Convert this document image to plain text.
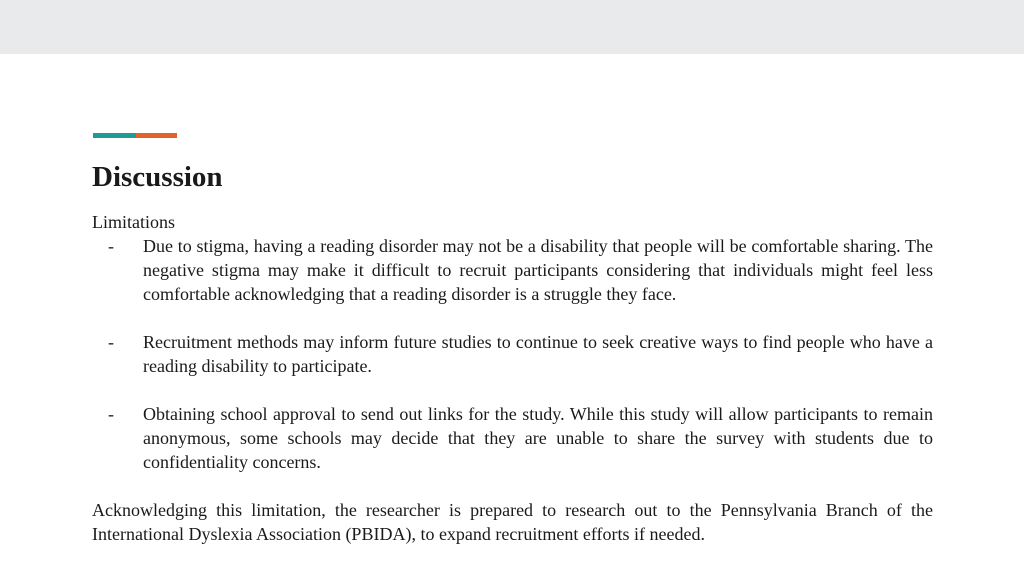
Discussion

Limitations

- Due to stigma, having a reading disorder may not be a disability that people will be comfortable sharing. The negative stigma may make it difficult to recruit participants considering that individuals might feel less comfortable acknowledging that a reading disorder is a struggle they face.
- Recruitment methods may inform future studies to continue to seek creative ways to find people who have a reading disability to participate.
- Obtaining school approval to send out links for the study. While this study will allow participants to remain anonymous, some schools may decide that they are unable to share the survey with students due to confidentiality concerns.

Acknowledging this limitation, the researcher is prepared to research out to the Pennsylvania Branch of the International Dyslexia Association (PBIDA), to expand recruitment efforts if needed.
